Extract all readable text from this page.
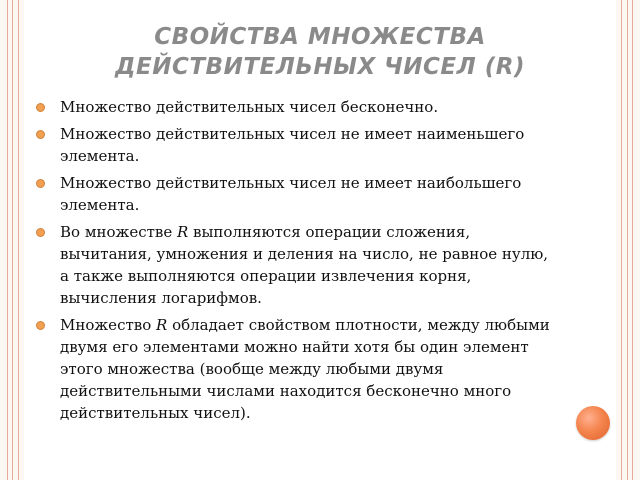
СВОЙСТВА МНОЖЕСТВА
ДЕЙСТВИТЕЛЬНЫХ ЧИСЕЛ (R)
Множество действительных чисел бесконечно.
Множество действительных чисел не имеет наименьшего элемента.
Множество действительных чисел не имеет наибольшего элемента.
Во множестве R выполняются операции сложения, вычитания, умножения и деления на число, не равное нулю, а также выполняются операции извлечения корня, вычисления логарифмов.
Множество R обладает свойством плотности, между любыми двумя его элементами можно найти хотя бы один элемент этого множества (вообще между любыми двумя действительными числами находится бесконечно много действительных чисел).
